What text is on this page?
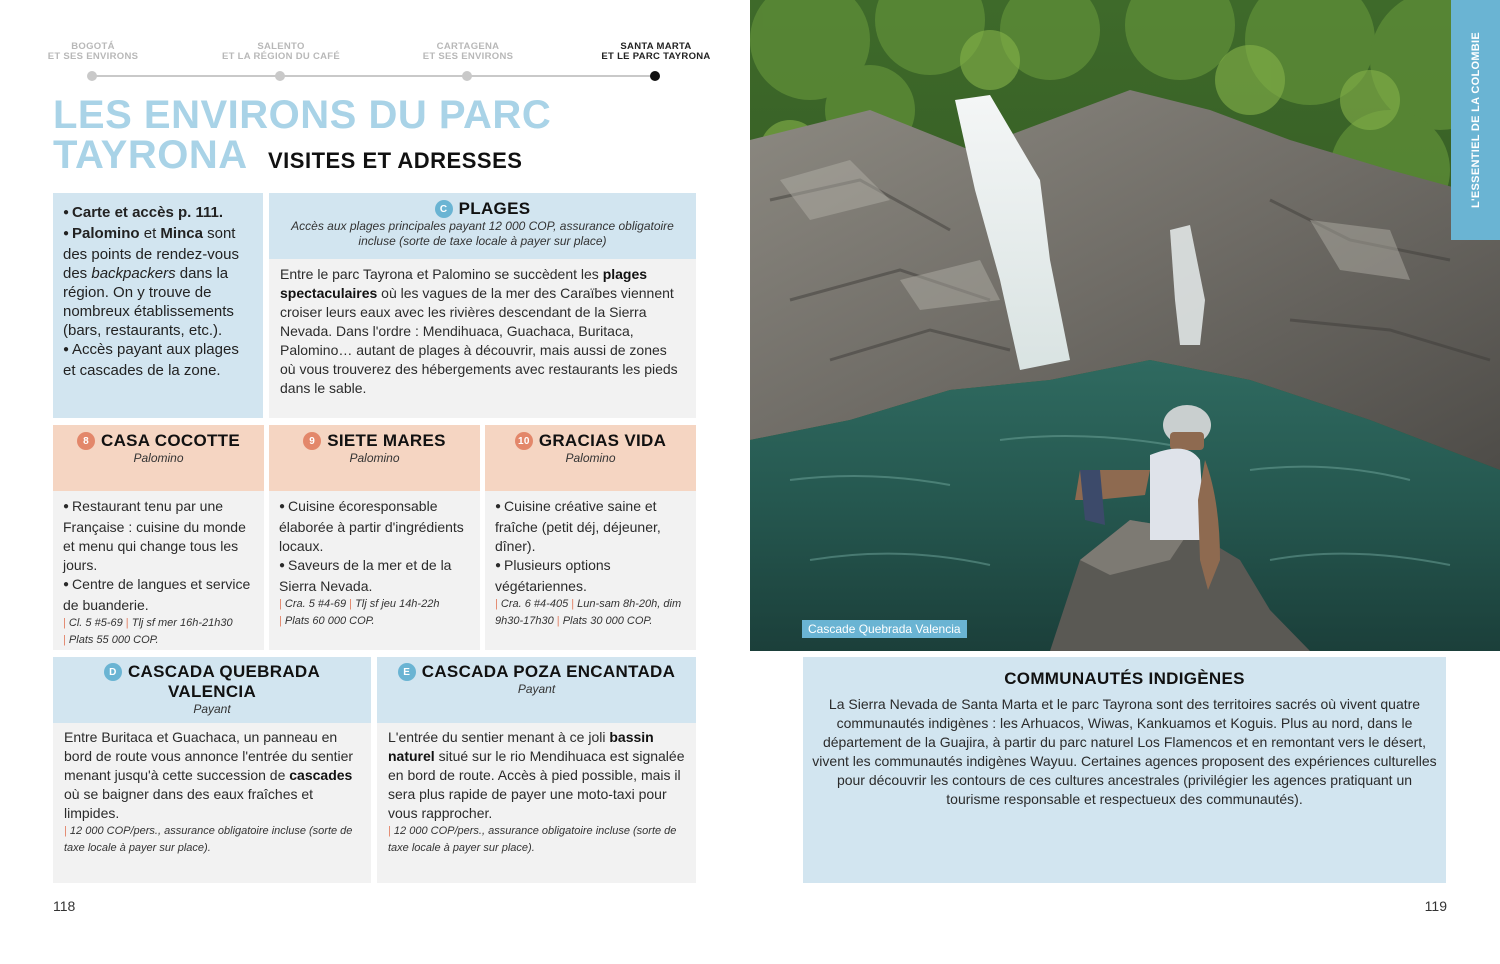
BOGOTÁ
ET SES ENVIRONS
SALENTO
ET LA RÉGION DU CAFÉ
CARTAGENA
ET SES ENVIRONS
SANTA MARTA
ET LE PARC TAYRONA
LES ENVIRONS DU PARC
TAYRONA VISITES ET ADRESSES

● Carte et accès p. 111.

● Palomino et Minca sont des points de rendez-vous des backpackers dans la région. On y trouve de nombreux établissements (bars, restaurants, etc.).

● Accès payant aux plages et cascades de la zone.

C PLAGES
Accès aux plages principales payant 12 000 COP, assurance obligatoire incluse (sorte de taxe locale à payer sur place)
Entre le parc Tayrona et Palomino se succèdent les plages spectaculaires où les vagues de la mer des Caraïbes viennent croiser leurs eaux avec les rivières descendant de la Sierra Nevada. Dans l'ordre : Mendihuaca, Guachaca, Buritaca, Palomino… autant de plages à découvrir, mais aussi de zones où vous trouverez des hébergements avec restaurants les pieds dans le sable.
8 CASA COCOTTE
Palomino
● Restaurant tenu par une Française : cuisine du monde et menu qui change tous les jours.
● Centre de langues et service de buanderie.
| Cl. 5 #5-69 | Tlj sf mer 16h-21h30
| Plats 55 000 COP.
9 SIETE MARES
Palomino
● Cuisine écoresponsable élaborée à partir d'ingrédients locaux.
● Saveurs de la mer et de la Sierra Nevada.
| Cra. 5 #4-69 | Tlj sf jeu 14h-22h
| Plats 60 000 COP.
10 GRACIAS VIDA
Palomino
● Cuisine créative saine et fraîche (petit déj, déjeuner, dîner).
● Plusieurs options végétariennes.
| Cra. 6 #4-405 | Lun-sam 8h-20h, dim 9h30-17h30 | Plats 30 000 COP.
D CASCADA QUEBRADA
VALENCIA
Payant
Entre Buritaca et Guachaca, un panneau en bord de route vous annonce l'entrée du sentier menant jusqu'à cette succession de cascades où se baigner dans des eaux fraîches et limpides.
| 12 000 COP/pers., assurance obligatoire incluse (sorte de taxe locale à payer sur place).
E CASCADA POZA ENCANTADA
Payant
L'entrée du sentier menant à ce joli bassin naturel situé sur le rio Mendihuaca est signalée en bord de route. Accès à pied possible, mais il sera plus rapide de payer une moto-taxi pour vous rapprocher.
| 12 000 COP/pers., assurance obligatoire incluse (sorte de taxe locale à payer sur place).
Cascade Quebrada Valencia
L'ESSENTIEL DE LA COLOMBIE
COMMUNAUTÉS INDIGÈNES
La Sierra Nevada de Santa Marta et le parc Tayrona sont des territoires sacrés où vivent quatre communautés indigènes : les Arhuacos, Wiwas, Kankuamos et Koguis. Plus au nord, dans le département de la Guajira, à partir du parc naturel Los Flamencos et en remontant vers le désert, vivent les communautés indigènes Wayuu. Certaines agences proposent des expériences culturelles pour découvrir les contours de ces cultures ancestrales (privilégier les agences pratiquant un tourisme responsable et respectueux des communautés).
118	119
